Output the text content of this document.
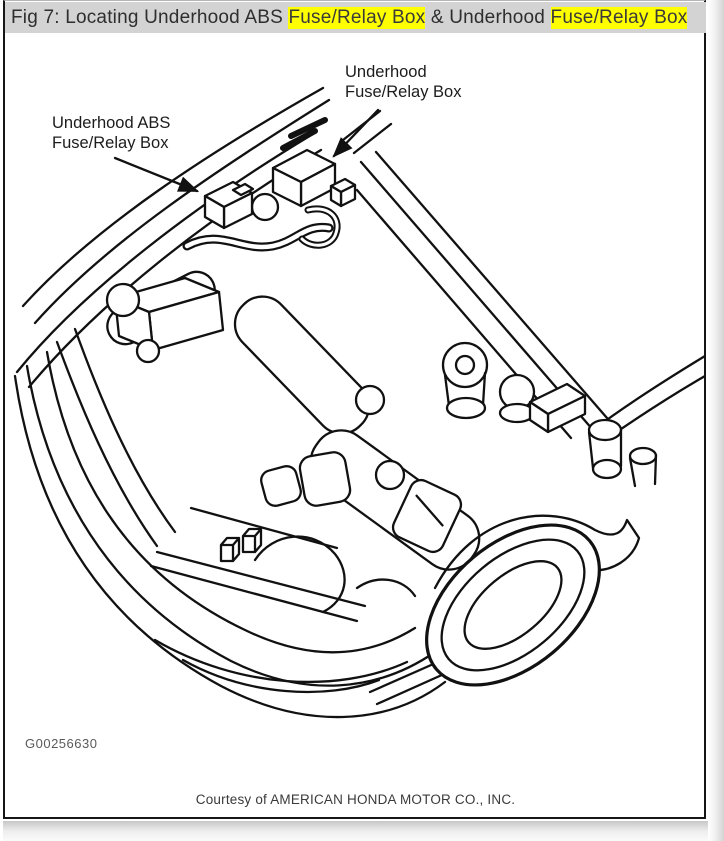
Fig 7: Locating Underhood ABS Fuse/Relay Box & Underhood Fuse/Relay Box
Underhood ABS
Fuse/Relay Box
Underhood
Fuse/Relay Box
G00256630
Courtesy of AMERICAN HONDA MOTOR CO., INC.
